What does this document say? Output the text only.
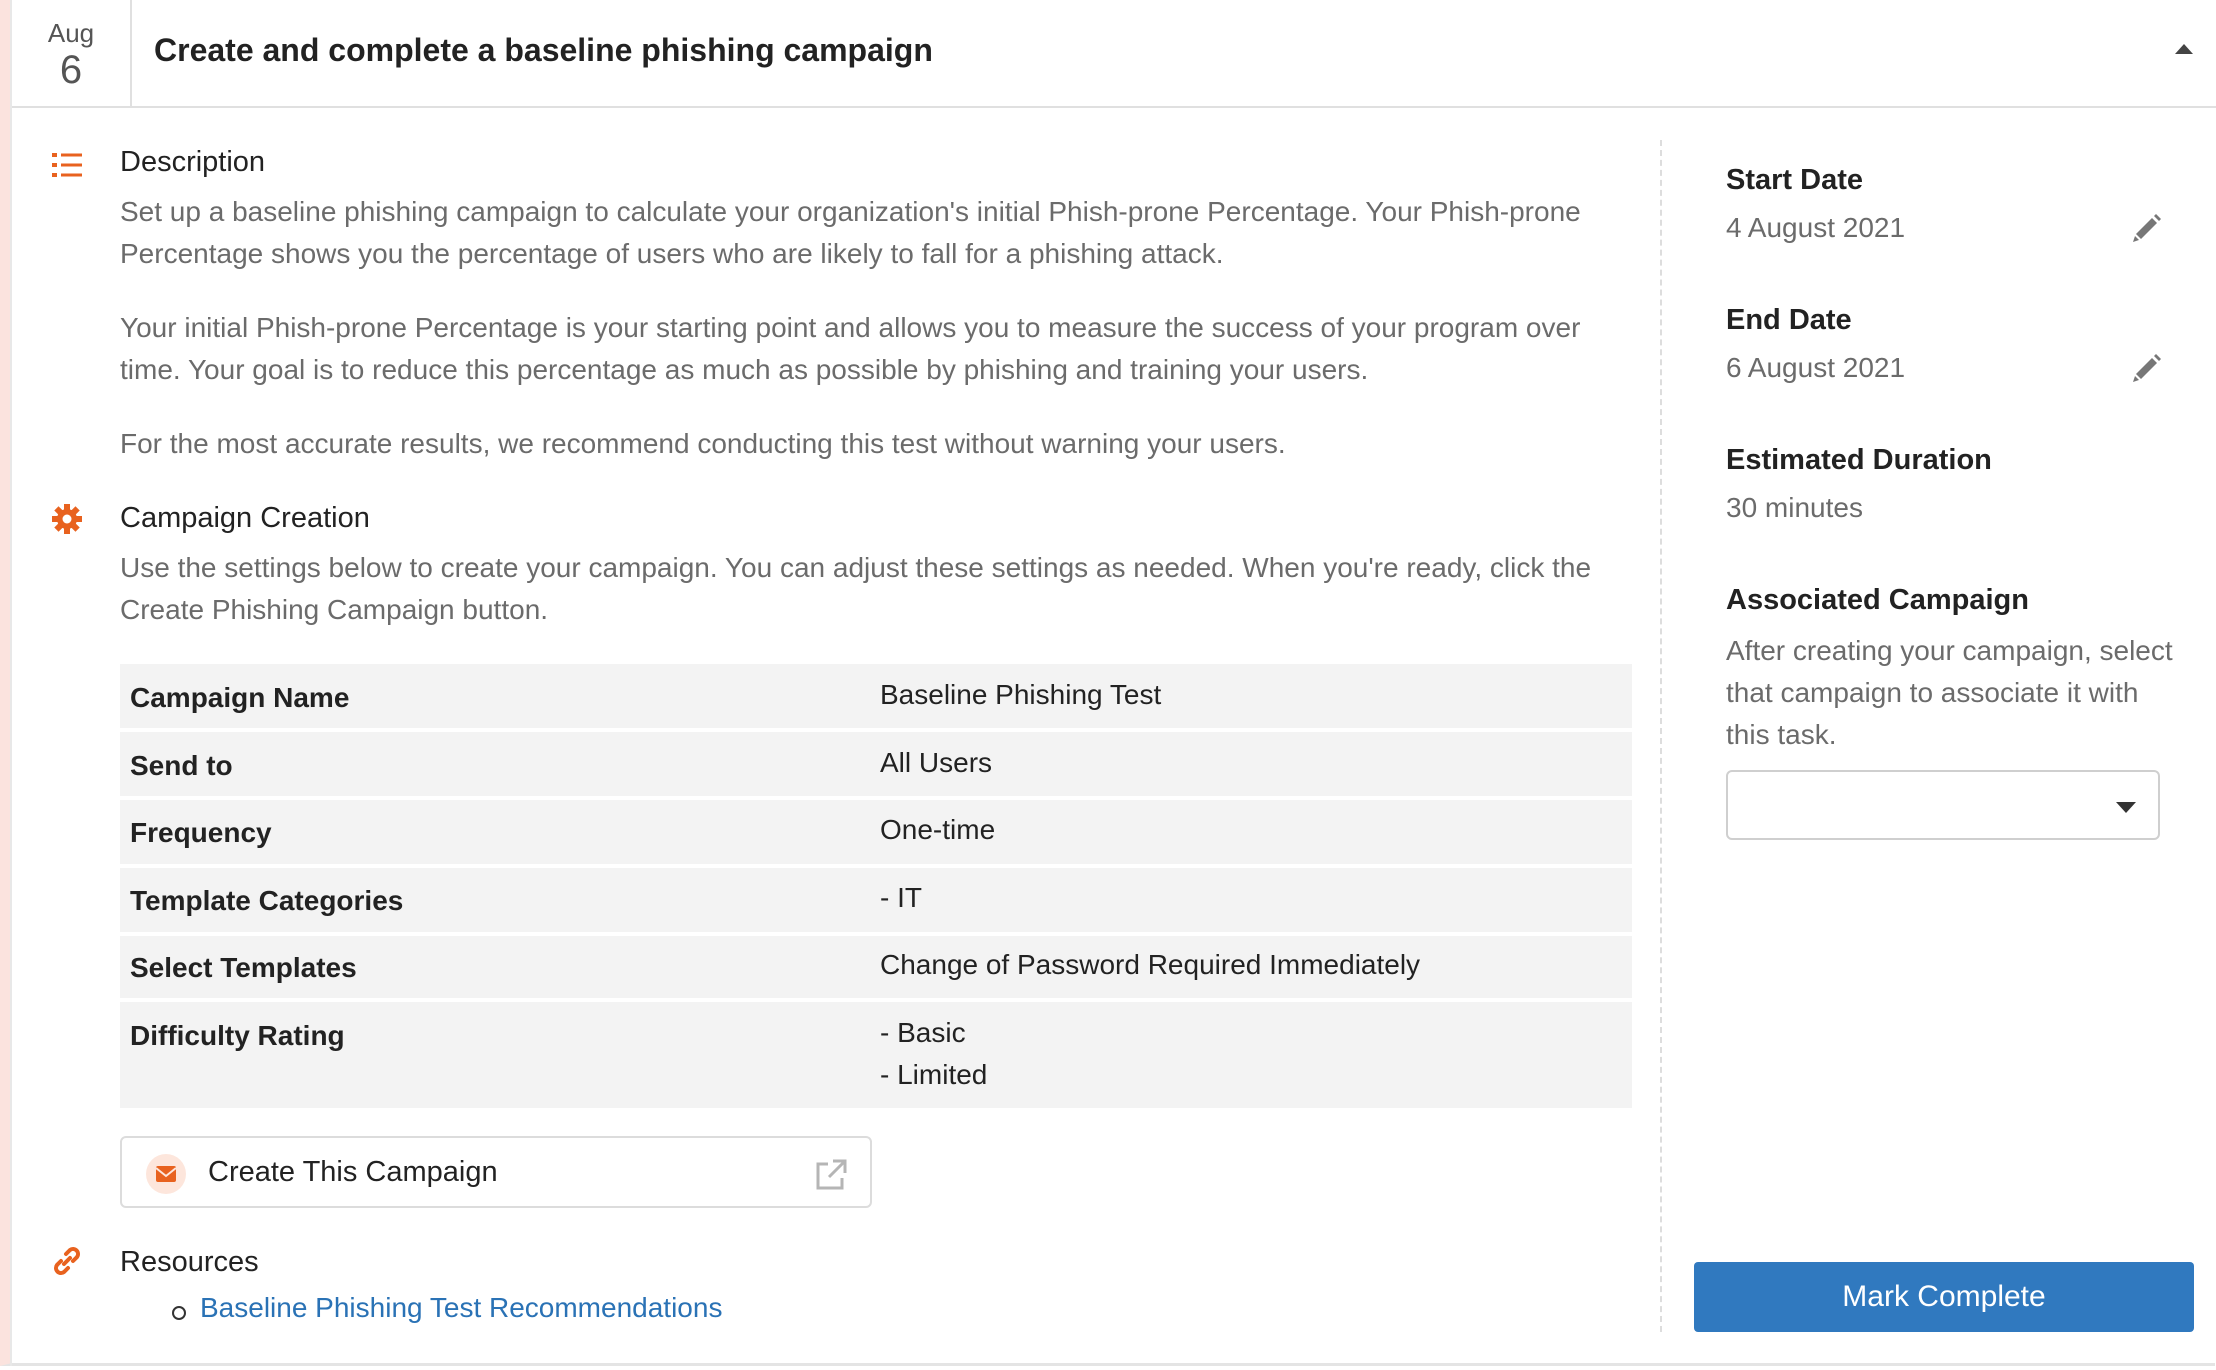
Aug
6	Create and complete a baseline phishing campaign
Description
Set up a baseline phishing campaign to calculate your organization's initial Phish-prone Percentage. Your Phish-prone Percentage shows you the percentage of users who are likely to fall for a phishing attack.
Your initial Phish-prone Percentage is your starting point and allows you to measure the success of your program over time. Your goal is to reduce this percentage as much as possible by phishing and training your users.
For the most accurate results, we recommend conducting this test without warning your users.
Campaign Creation
Use the settings below to create your campaign. You can adjust these settings as needed. When you're ready, click the Create Phishing Campaign button.
Campaign Name	Baseline Phishing Test
Send to	All Users
Frequency	One-time
Template Categories	- IT
Select Templates	Change of Password Required Immediately
Difficulty Rating	- Basic
- Limited
Create This Campaign
Resources
Baseline Phishing Test Recommendations
Start Date
4 August 2021
End Date
6 August 2021
Estimated Duration
30 minutes
Associated Campaign
After creating your campaign, select that campaign to associate it with this task.
Mark Complete
